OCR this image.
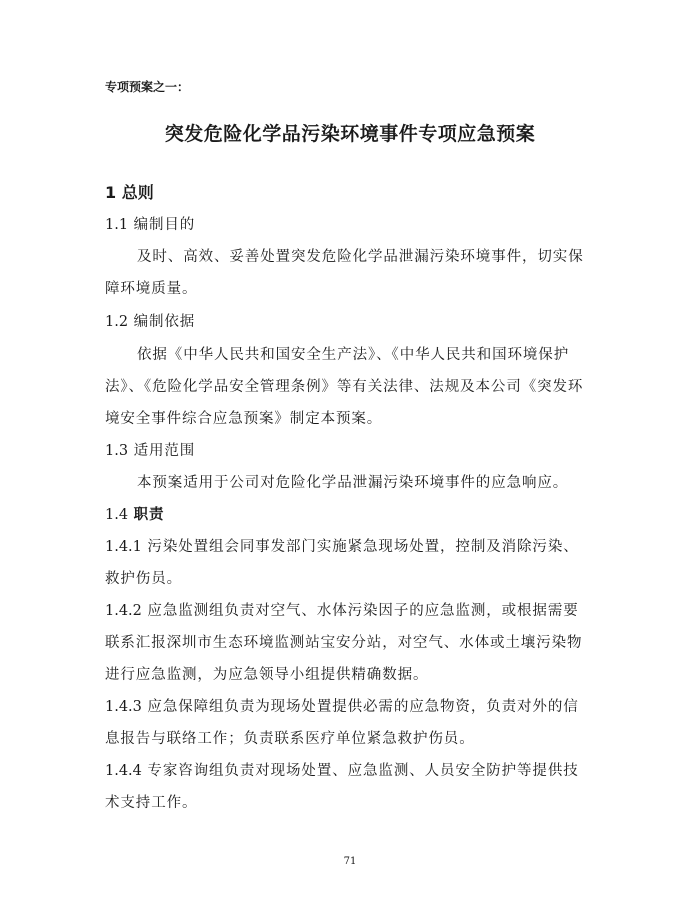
专项预案之一：
突发危险化学品污染环境事件专项应急预案
1 总则
1.1 编制目的
及时、高效、妥善处置突发危险化学品泄漏污染环境事件，切实保
障环境质量。
1.2 编制依据
依据《中华人民共和国安全生产法》、《中华人民共和国环境保护
法》、《危险化学品安全管理条例》等有关法律、法规及本公司《突发环
境安全事件综合应急预案》制定本预案。
1.3 适用范围
本预案适用于公司对危险化学品泄漏污染环境事件的应急响应。
1.4 职责
1.4.1 污染处置组会同事发部门实施紧急现场处置，控制及消除污染、
救护伤员。
1.4.2 应急监测组负责对空气、水体污染因子的应急监测，或根据需要
联系汇报深圳市生态环境监测站宝安分站，对空气、水体或土壤污染物
进行应急监测，为应急领导小组提供精确数据。
1.4.3 应急保障组负责为现场处置提供必需的应急物资，负责对外的信
息报告与联络工作；负责联系医疗单位紧急救护伤员。
1.4.4 专家咨询组负责对现场处置、应急监测、人员安全防护等提供技
术支持工作。
71
